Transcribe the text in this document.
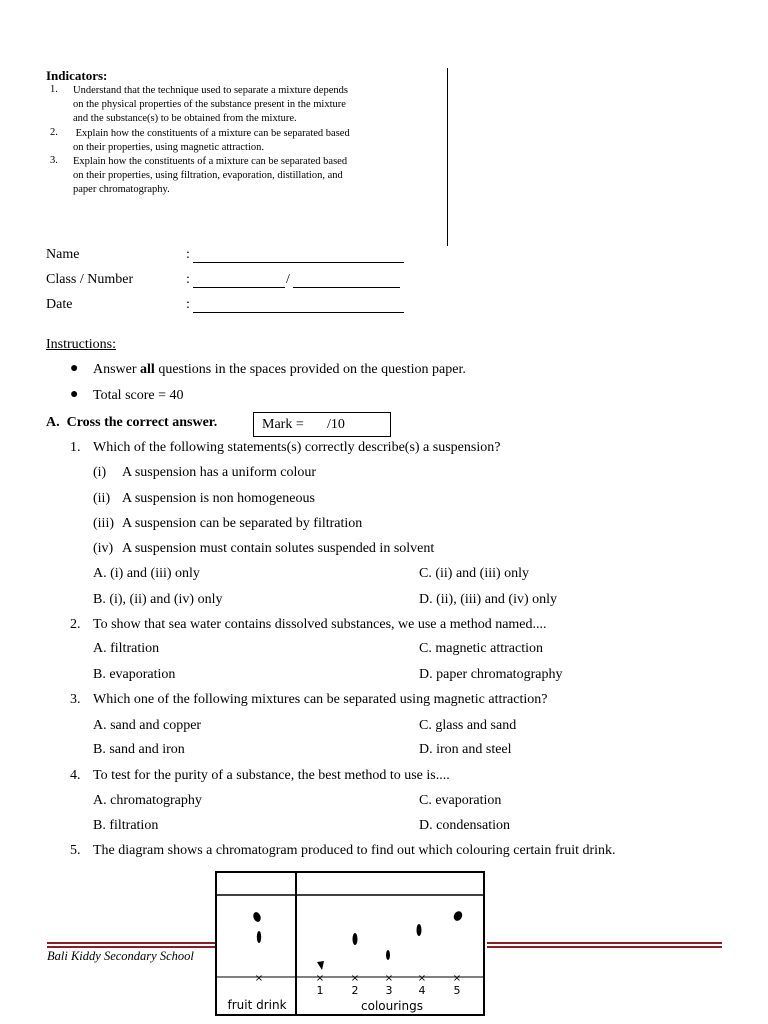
Indicators:
1. Understand that the technique used to separate a mixture depends
on the physical properties of the substance present in the mixture
and the substance(s) to be obtained from the mixture.
2. Explain how the constituents of a mixture can be separated based
on their properties, using magnetic attraction.
3. Explain how the constituents of a mixture can be separated based
on their properties, using filtration, evaporation, distillation, and
paper chromatography.
Name	:
Class / Number	:	/
Date	:
Instructions:
● Answer all questions in the spaces provided on the question paper.
● Total score = 40
A.  Cross the correct answer.	Mark = /10
1. Which of the following statements(s) correctly describe(s) a suspension?
(i) A suspension has a uniform colour
(ii) A suspension is non homogeneous
(iii) A suspension can be separated by filtration
(iv) A suspension must contain solutes suspended in solvent
A. (i) and (iii) only	C. (ii) and (iii) only
B. (i), (ii) and (iv) only	D. (ii), (iii) and (iv) only
2. To show that sea water contains dissolved substances, we use a method named....
A. filtration	C. magnetic attraction
B. evaporation	D. paper chromatography
3. Which one of the following mixtures can be separated using magnetic attraction?
A. sand and copper	C. glass and sand
B. sand and iron	D. iron and steel
4. To test for the purity of a substance, the best method to use is....
A. chromatography	C. evaporation
B. filtration	D. condensation
5. The diagram shows a chromatogram produced to find out which colouring certain fruit drink.
Bali Kiddy Secondary School
×	×	×	× ×	×
1	2 3 4	5
fruit drink	colourings
